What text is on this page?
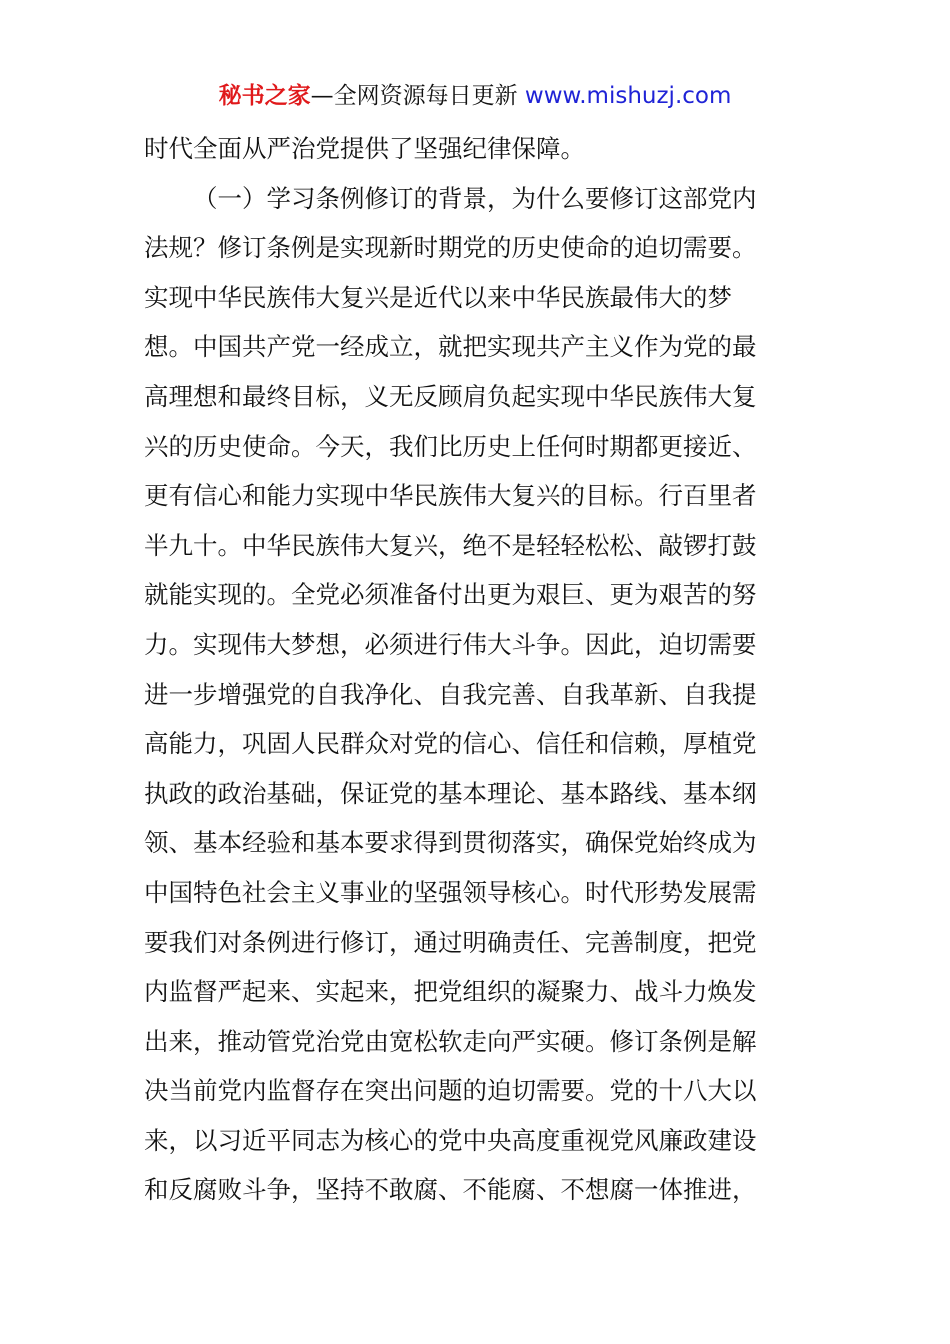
秘书之家—全网资源每日更新 www.mishuzj.com
时代全面从严治党提供了坚强纪律保障。
（一）学习条例修订的背景，为什么要修订这部党内
法规？修订条例是实现新时期党的历史使命的迫切需要。
实现中华民族伟大复兴是近代以来中华民族最伟大的梦
想。中国共产党一经成立，就把实现共产主义作为党的最
高理想和最终目标，义无反顾肩负起实现中华民族伟大复
兴的历史使命。今天，我们比历史上任何时期都更接近、
更有信心和能力实现中华民族伟大复兴的目标。行百里者
半九十。中华民族伟大复兴，绝不是轻轻松松、敲锣打鼓
就能实现的。全党必须准备付出更为艰巨、更为艰苦的努
力。实现伟大梦想，必须进行伟大斗争。因此，迫切需要
进一步增强党的自我净化、自我完善、自我革新、自我提
高能力，巩固人民群众对党的信心、信任和信赖，厚植党
执政的政治基础，保证党的基本理论、基本路线、基本纲
领、基本经验和基本要求得到贯彻落实，确保党始终成为
中国特色社会主义事业的坚强领导核心。时代形势发展需
要我们对条例进行修订，通过明确责任、完善制度，把党
内监督严起来、实起来，把党组织的凝聚力、战斗力焕发
出来，推动管党治党由宽松软走向严实硬。修订条例是解
决当前党内监督存在突出问题的迫切需要。党的十八大以
来，以习近平同志为核心的党中央高度重视党风廉政建设
和反腐败斗争，坚持不敢腐、不能腐、不想腐一体推进，
